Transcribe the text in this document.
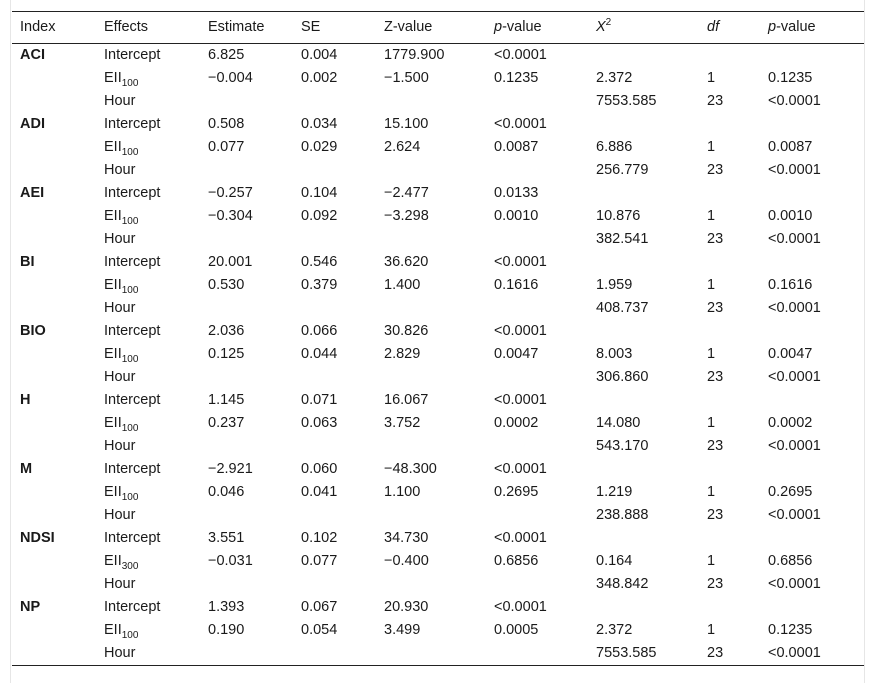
Index	Effects	Estimate	SE	Z-value	p-value	$X^2$	df	p-value
ACI	Intercept	6.825	0.004	1779.900	<0.0001			
	$EII_{100}$	−0.004	0.002	−1.500	0.1235	2.372	1	0.1235
	Hour					7553.585	23	<0.0001
ADI	Intercept	0.508	0.034	15.100	<0.0001			
	$EII_{100}$	0.077	0.029	2.624	0.0087	6.886	1	0.0087
	Hour					256.779	23	<0.0001
AEI	Intercept	−0.257	0.104	−2.477	0.0133			
	$EII_{100}$	−0.304	0.092	−3.298	0.0010	10.876	1	0.0010
	Hour					382.541	23	<0.0001
BI	Intercept	20.001	0.546	36.620	<0.0001			
	$EII_{100}$	0.530	0.379	1.400	0.1616	1.959	1	0.1616
	Hour					408.737	23	<0.0001
BIO	Intercept	2.036	0.066	30.826	<0.0001			
	$EII_{100}$	0.125	0.044	2.829	0.0047	8.003	1	0.0047
	Hour					306.860	23	<0.0001
H	Intercept	1.145	0.071	16.067	<0.0001			
	$EII_{100}$	0.237	0.063	3.752	0.0002	14.080	1	0.0002
	Hour					543.170	23	<0.0001
M	Intercept	−2.921	0.060	−48.300	<0.0001			
	$EII_{100}$	0.046	0.041	1.100	0.2695	1.219	1	0.2695
	Hour					238.888	23	<0.0001
NDSI	Intercept	3.551	0.102	34.730	<0.0001			
	$EII_{300}$	−0.031	0.077	−0.400	0.6856	0.164	1	0.6856
	Hour					348.842	23	<0.0001
NP	Intercept	1.393	0.067	20.930	<0.0001			
	$EII_{100}$	0.190	0.054	3.499	0.0005	2.372	1	0.1235
	Hour					7553.585	23	<0.0001
